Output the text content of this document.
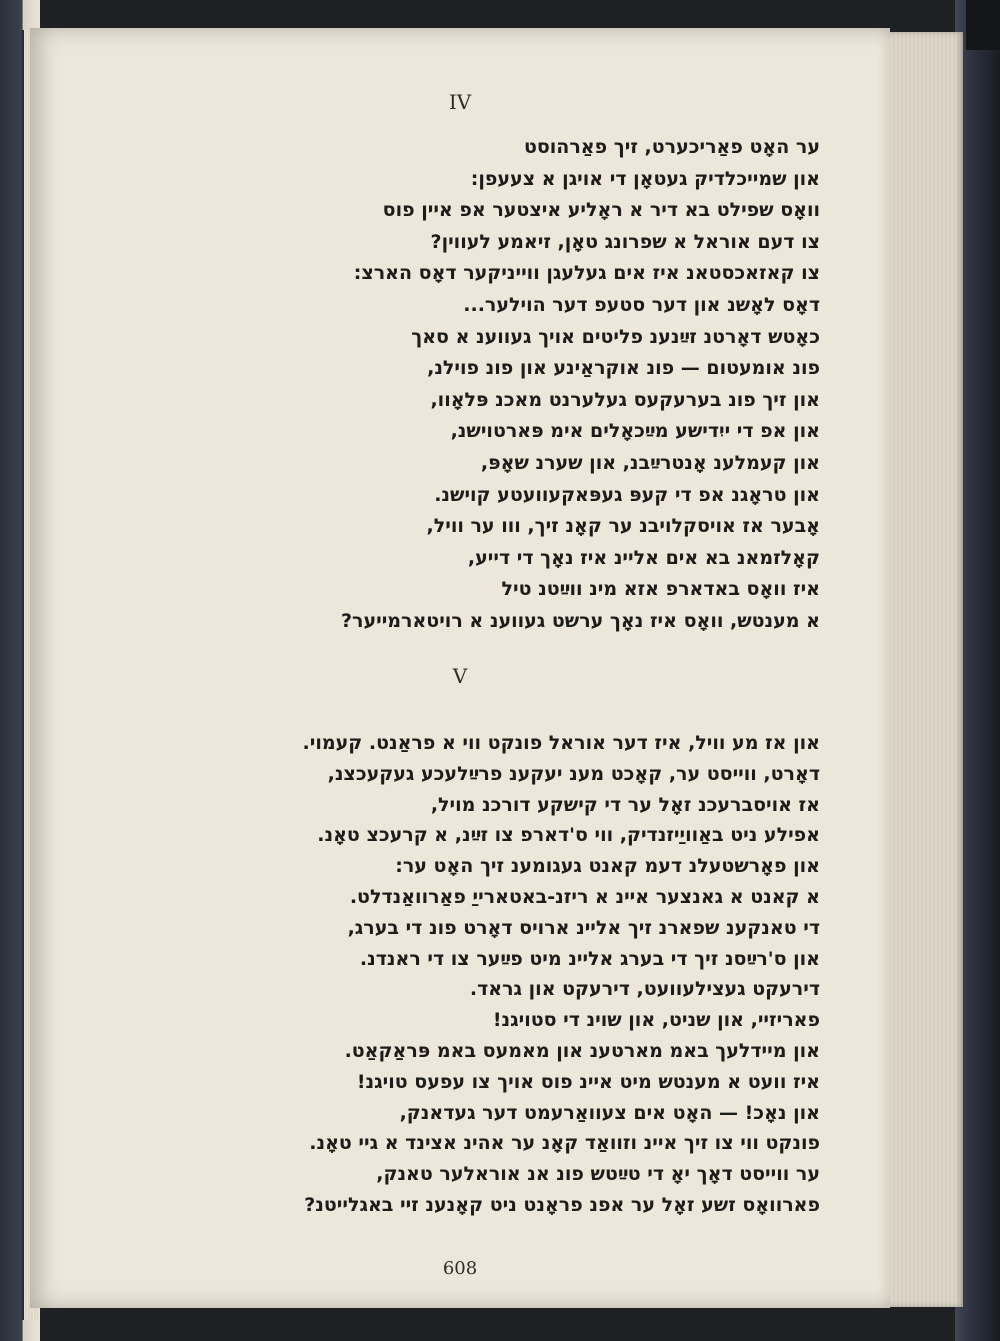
IV
ער האָט פאַריכערט, זיך פאַרהוסט
און שמייכלדיק געטאָן די אויגן א צעעפן:
וואָס שפילט בא דיר א ראָליע איצטער אפ איין פוס
צו דעם אוראל א שפרונג טאָן, זיאמע לעווין?
צו קאזאכסטאנ איז אים געלעגן ווייניקער דאָס הארצ:
דאָס לאָשנ און דער סטעפ דער הוילער...
כאָטש דאָרטנ זײַנענ פליטים אויך געווענ א סאך
פונ אומעטום — פונ אוקראַינע און פונ פוילנ,
און זיך פונ בערעקעס געלערנט מאכנ פּלאָוו,
און אפ די ייִדישע מײַכאָלים אימ פּארטוישנ,
און קעמלענ אָנטרײַבנ, און שערנ שאָפּ,
און טראָגנ אפ די קעפּ געפּאקעוועטע קוישנ.
אָבער אז אויסקלויבנ ער קאָנ זיך, ווו ער וויל,
קאָלזמאנ בא אים אליינ איז נאָך די דייע,
איז וואָס באדארפ אזא מינ ווײַטנ טיל
א מענטש, וואָס איז נאָך ערשט געווענ א רויטארמייער?
V
און אז מע וויל, איז דער אוראל פונקט ווי א פראַנט. קעמוי.
דאָרט, ווייסט ער, קאָכט מענ יעקענ פרײַלעכע געקעכצנ,
אז אויסברעכנ זאָל ער די קישקע דורכנ מויל,
אפילע ניט באַוויַיזנדיק, ווי ס'דארפ צו זײַנ, א קרעכצ טאָנ.
און פאָרשטעלנ דעמ קאנט געגומענ זיך האָט ער:
א קאנט א גאנצער איינ א ריזנ-באטארייַ פאַרוואַנדלט.
די טאנקענ שפארנ זיך אליינ ארויס דאָרט פונ די בערג,
און ס'רײַסנ זיך די בערג אליינ מיט פײַער צו די ראנדנ.
דירעקט געצילעוועט, דירעקט און גראד.
פאריזיי, און שניט, און שוינ די סטויגנ!
און מיידלעך באמ מארטענ און מאמעס באמ פּראַקאַט.
איז וועט א מענטש מיט איינ פוס אויך צו עפעס טויגנ!
און נאָכ! — האָט אים צעוואַרעמט דער געדאנק,
פונקט ווי צו זיך איינ וזוואַד קאָנ ער אהינ אצינד א גיי טאָנ.
ער ווייסט דאָך יאָ די טײַטש פונ אנ אוראלער טאנק,
פארוואָס זשע זאָל ער אפנ פראָנט ניט קאָנענ זיי באגלייטנ?
608
